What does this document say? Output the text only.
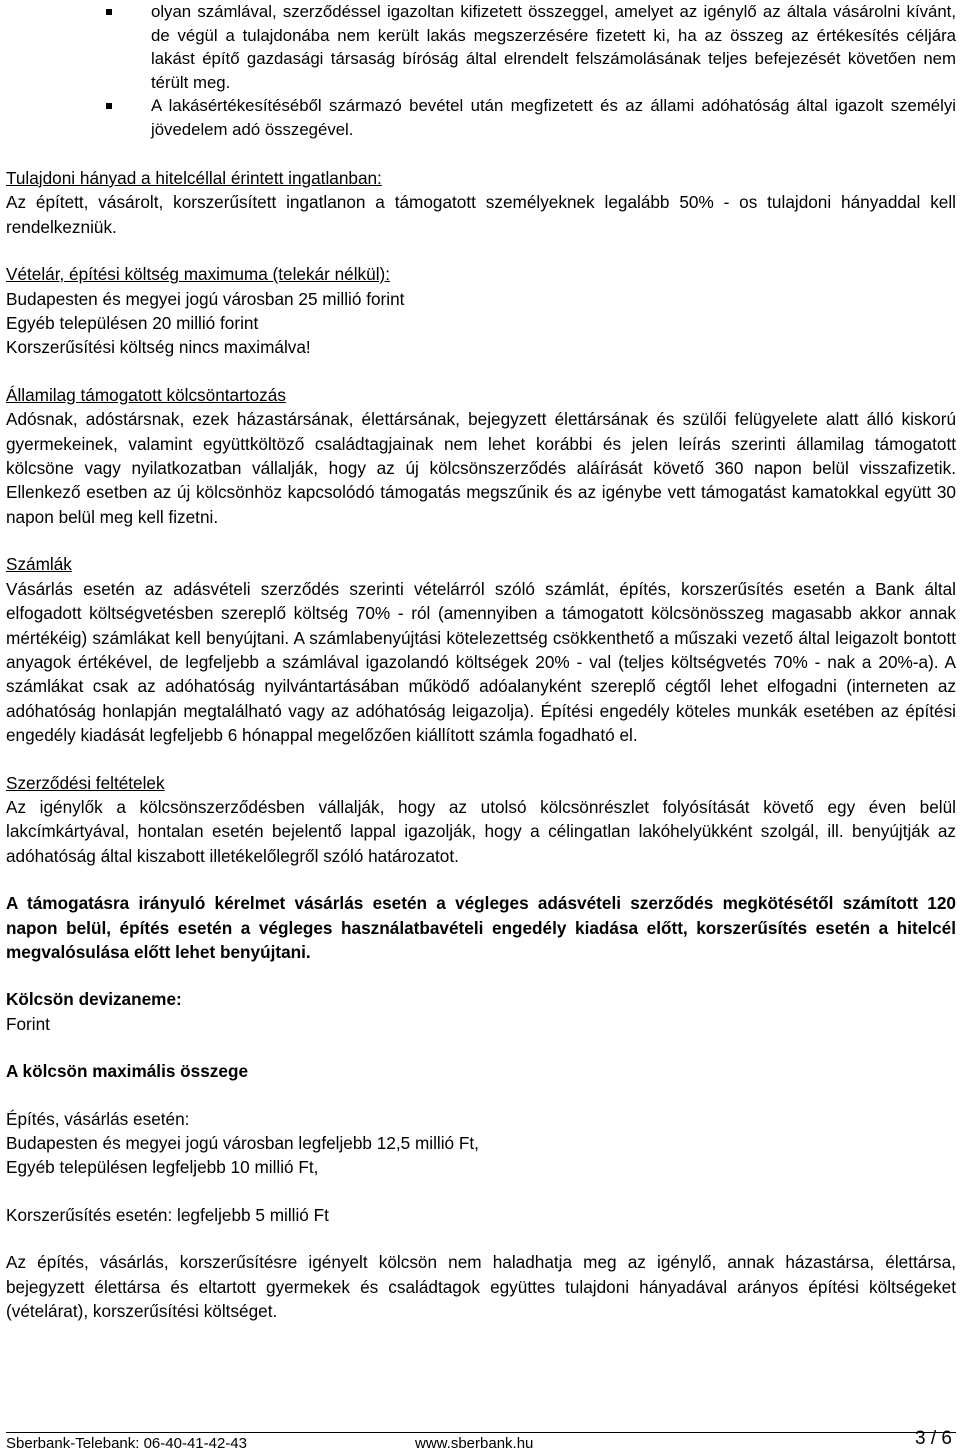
olyan számlával, szerződéssel igazoltan kifizetett összeggel, amelyet az igénylő az általa vásárolni kívánt, de végül a tulajdonába nem került lakás megszerzésére fizetett ki, ha az összeg az értékesítés céljára lakást építő gazdasági társaság bíróság által elrendelt felszámolásának teljes befejezését követően nem térült meg.
A lakásértékesítéséből származó bevétel után megfizetett és az állami adóhatóság által igazolt személyi jövedelem adó összegével.

Tulajdoni hányad a hitelcéllal érintett ingatlanban:

Az épített, vásárolt, korszerűsített ingatlanon a támogatott személyeknek legalább 50% - os tulajdoni hányaddal kell rendelkezniük.

Vételár, építési költség maximuma (telekár nélkül):

Budapesten és megyei jogú városban 25 millió forint

Egyéb településen 20 millió forint

Korszerűsítési költség nincs maximálva!

Államilag támogatott kölcsöntartozás

Adósnak, adóstársnak, ezek házastársának, élettársának, bejegyzett élettársának és szülői felügyelete alatt álló kiskorú gyermekeinek, valamint együttköltöző családtagjainak nem lehet korábbi és jelen leírás szerinti államilag támogatott kölcsöne vagy nyilatkozatban vállalják, hogy az új kölcsönszerződés aláírását követő 360 napon belül visszafizetik. Ellenkező esetben az új kölcsönhöz kapcsolódó támogatás megszűnik és az igénybe vett támogatást kamatokkal együtt 30 napon belül meg kell fizetni.

Számlák

Vásárlás esetén az adásvételi szerződés szerinti vételárról szóló számlát, építés, korszerűsítés esetén a Bank által elfogadott költségvetésben szereplő költség 70% - ról (amennyiben a támogatott kölcsönösszeg magasabb akkor annak mértékéig) számlákat kell benyújtani. A számlabenyújtási kötelezettség csökkenthető a műszaki vezető által leigazolt bontott anyagok értékével, de legfeljebb a számlával igazolandó költségek 20% - val (teljes költségvetés 70% - nak a 20%-a). A számlákat csak az adóhatóság nyilvántartásában működő adóalanyként szereplő cégtől lehet elfogadni (interneten az adóhatóság honlapján megtalálható vagy az adóhatóság leigazolja). Építési engedély köteles munkák esetében az építési engedély kiadását legfeljebb 6 hónappal megelőzően kiállított számla fogadható el.

Szerződési feltételek

Az igénylők a kölcsönszerződésben vállalják, hogy az utolsó kölcsönrészlet folyósítását követő egy éven belül lakcímkártyával, hontalan esetén bejelentő lappal igazolják, hogy a célingatlan lakóhelyükként szolgál, ill. benyújtják az adóhatóság által kiszabott illetékelőlegről szóló határozatot.

A támogatásra irányuló kérelmet vásárlás esetén a végleges adásvételi szerződés megkötésétől számított 120 napon belül, építés esetén a végleges használatbavételi engedély kiadása előtt, korszerűsítés esetén a hitelcél megvalósulása előtt lehet benyújtani.

Kölcsön devizaneme:

Forint

A kölcsön maximális összege

Építés, vásárlás esetén:

Budapesten és megyei jogú városban legfeljebb 12,5 millió Ft,

Egyéb településen legfeljebb 10 millió Ft,

Korszerűsítés esetén: legfeljebb 5 millió Ft

Az építés, vásárlás, korszerűsítésre igényelt kölcsön nem haladhatja meg az igénylő, annak házastársa, élettársa, bejegyzett élettársa és eltartott gyermekek és családtagok együttes tulajdoni hányadával arányos építési költségeket (vételárat), korszerűsítési költséget.

Sberbank-Telebank: 06-40-41-42-43	www.sberbank.hu	3 / 6
